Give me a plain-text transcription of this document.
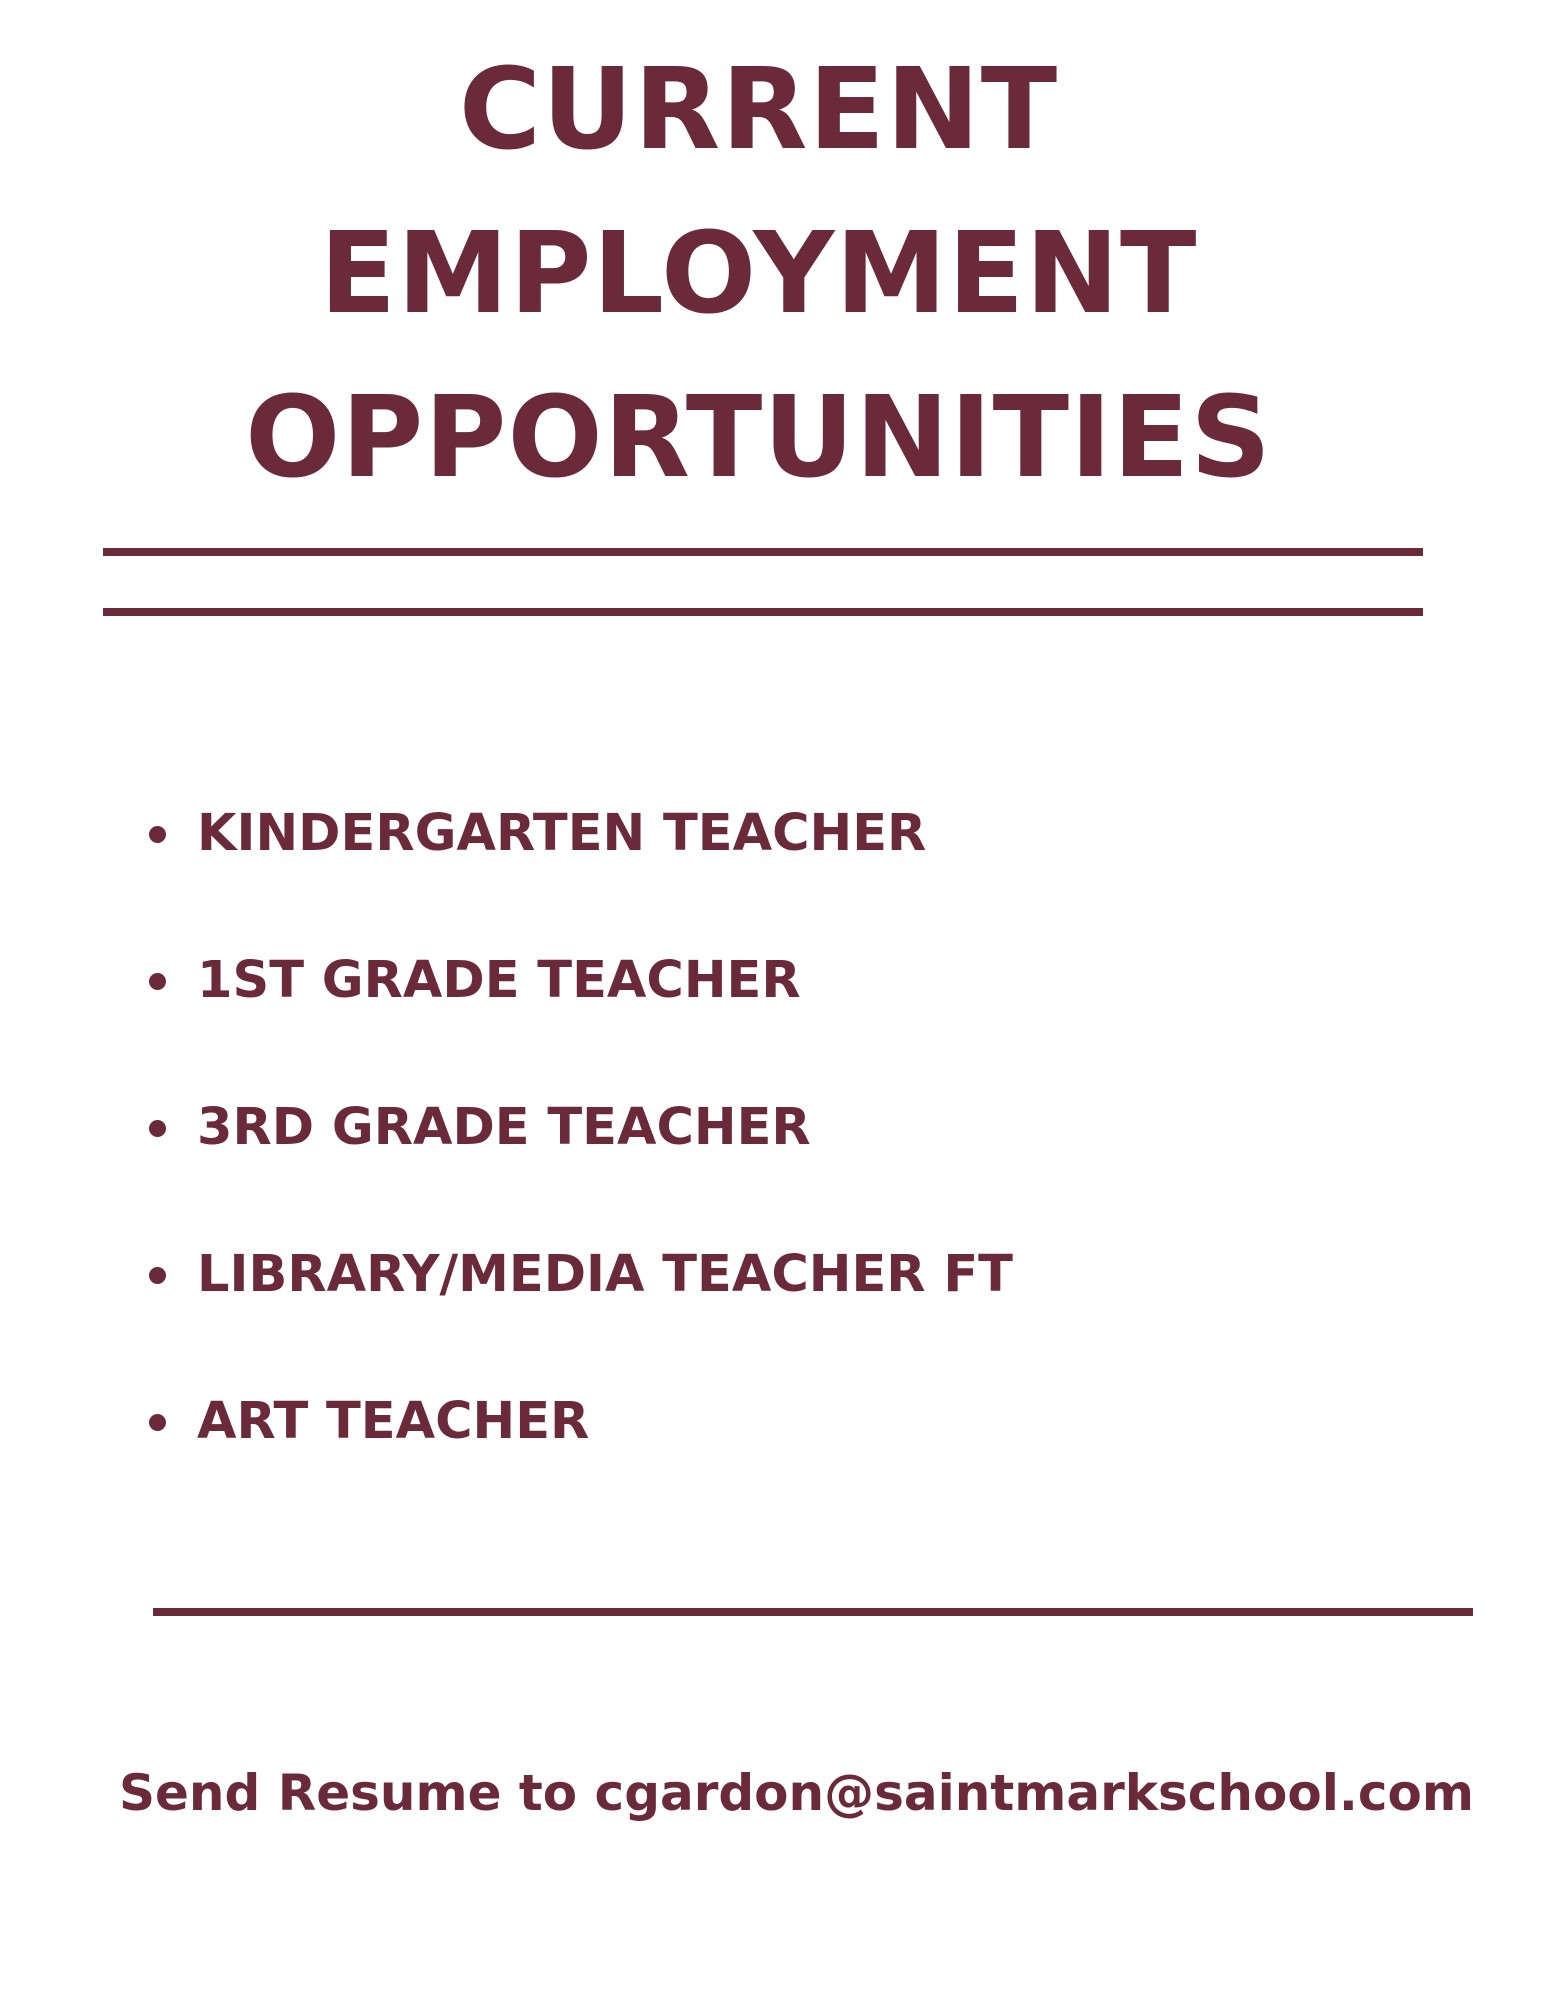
CURRENT
EMPLOYMENT
OPPORTUNITIES
KINDERGARTEN TEACHER
1ST GRADE TEACHER
3RD GRADE TEACHER
LIBRARY/MEDIA TEACHER FT
ART TEACHER
Send Resume to cgardon@saintmarkschool.com
